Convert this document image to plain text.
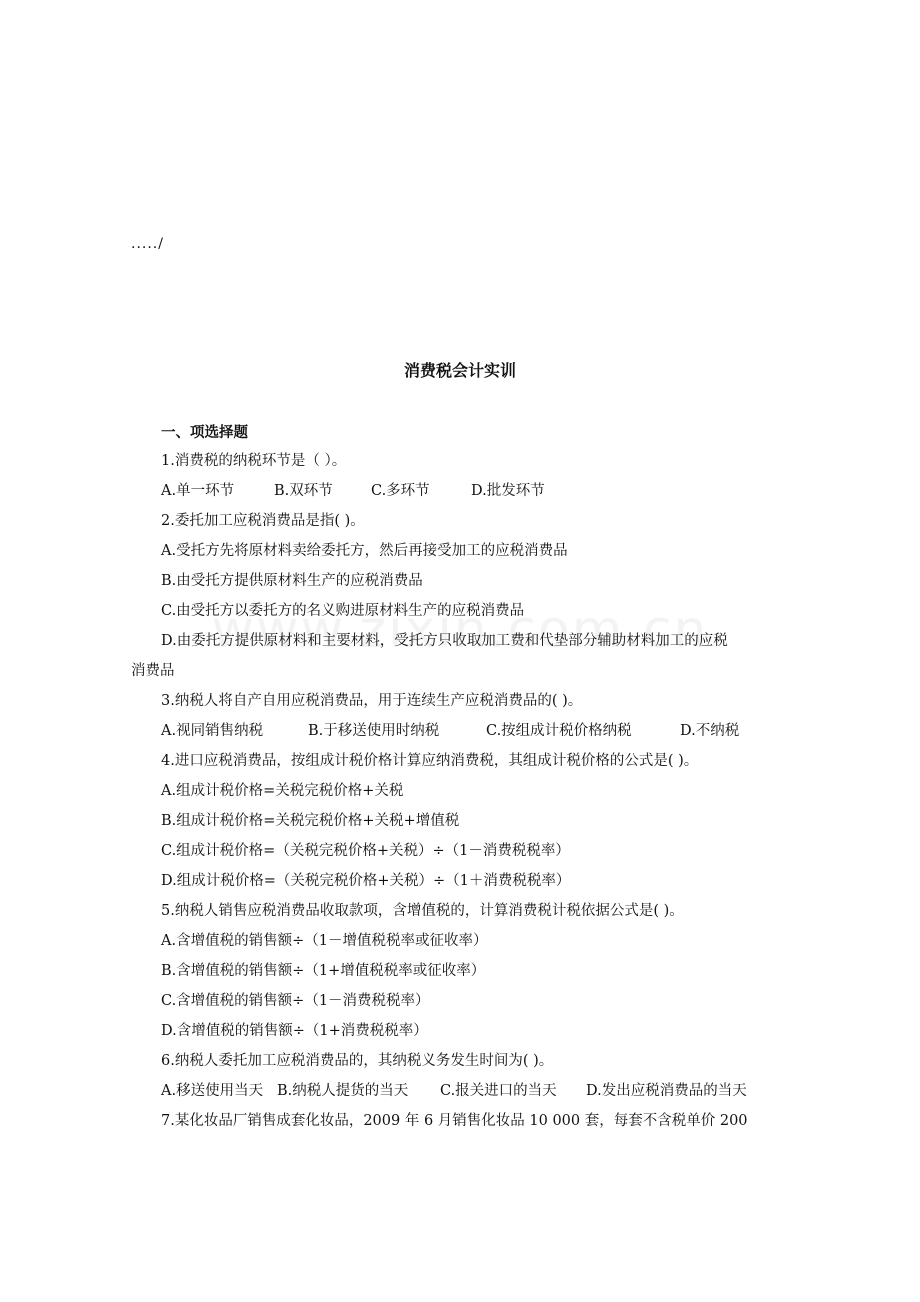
...../
消费税会计实训
一、项选择题
1.消费税的纳税环节是（ ）。
A.单一环节	B.双环节	C.多环节	D.批发环节
2.委托加工应税消费品是指( )。
A.受托方先将原材料卖给委托方，然后再接受加工的应税消费品
B.由受托方提供原材料生产的应税消费品
C.由受托方以委托方的名义购进原材料生产的应税消费品
D.由委托方提供原材料和主要材料，受托方只收取加工费和代垫部分辅助材料加工的应税
消费品
3.纳税人将自产自用应税消费品，用于连续生产应税消费品的( )。
A.视同销售纳税	B.于移送使用时纳税	C.按组成计税价格纳税	D.不纳税
4.进口应税消费品，按组成计税价格计算应纳消费税，其组成计税价格的公式是( )。
A.组成计税价格=关税完税价格+关税
B.组成计税价格=关税完税价格+关税+增值税
C.组成计税价格=（关税完税价格+关税）÷（1－消费税税率）
D.组成计税价格=（关税完税价格+关税）÷（1＋消费税税率）
5.纳税人销售应税消费品收取款项，含增值税的，计算消费税计税依据公式是( )。
A.含增值税的销售额÷（1－增值税税率或征收率）
B.含增值税的销售额÷（1+增值税税率或征收率）
C.含增值税的销售额÷（1－消费税税率）
D.含增值税的销售额÷（1+消费税税率）
6.纳税人委托加工应税消费品的，其纳税义务发生时间为( )。
A.移送使用当天 B.纳税人提货的当天 C.报关进口的当天 D.发出应税消费品的当天
7.某化妆品厂销售成套化妆品，2009 年 6 月销售化妆品 10 000 套，每套不含税单价 200
